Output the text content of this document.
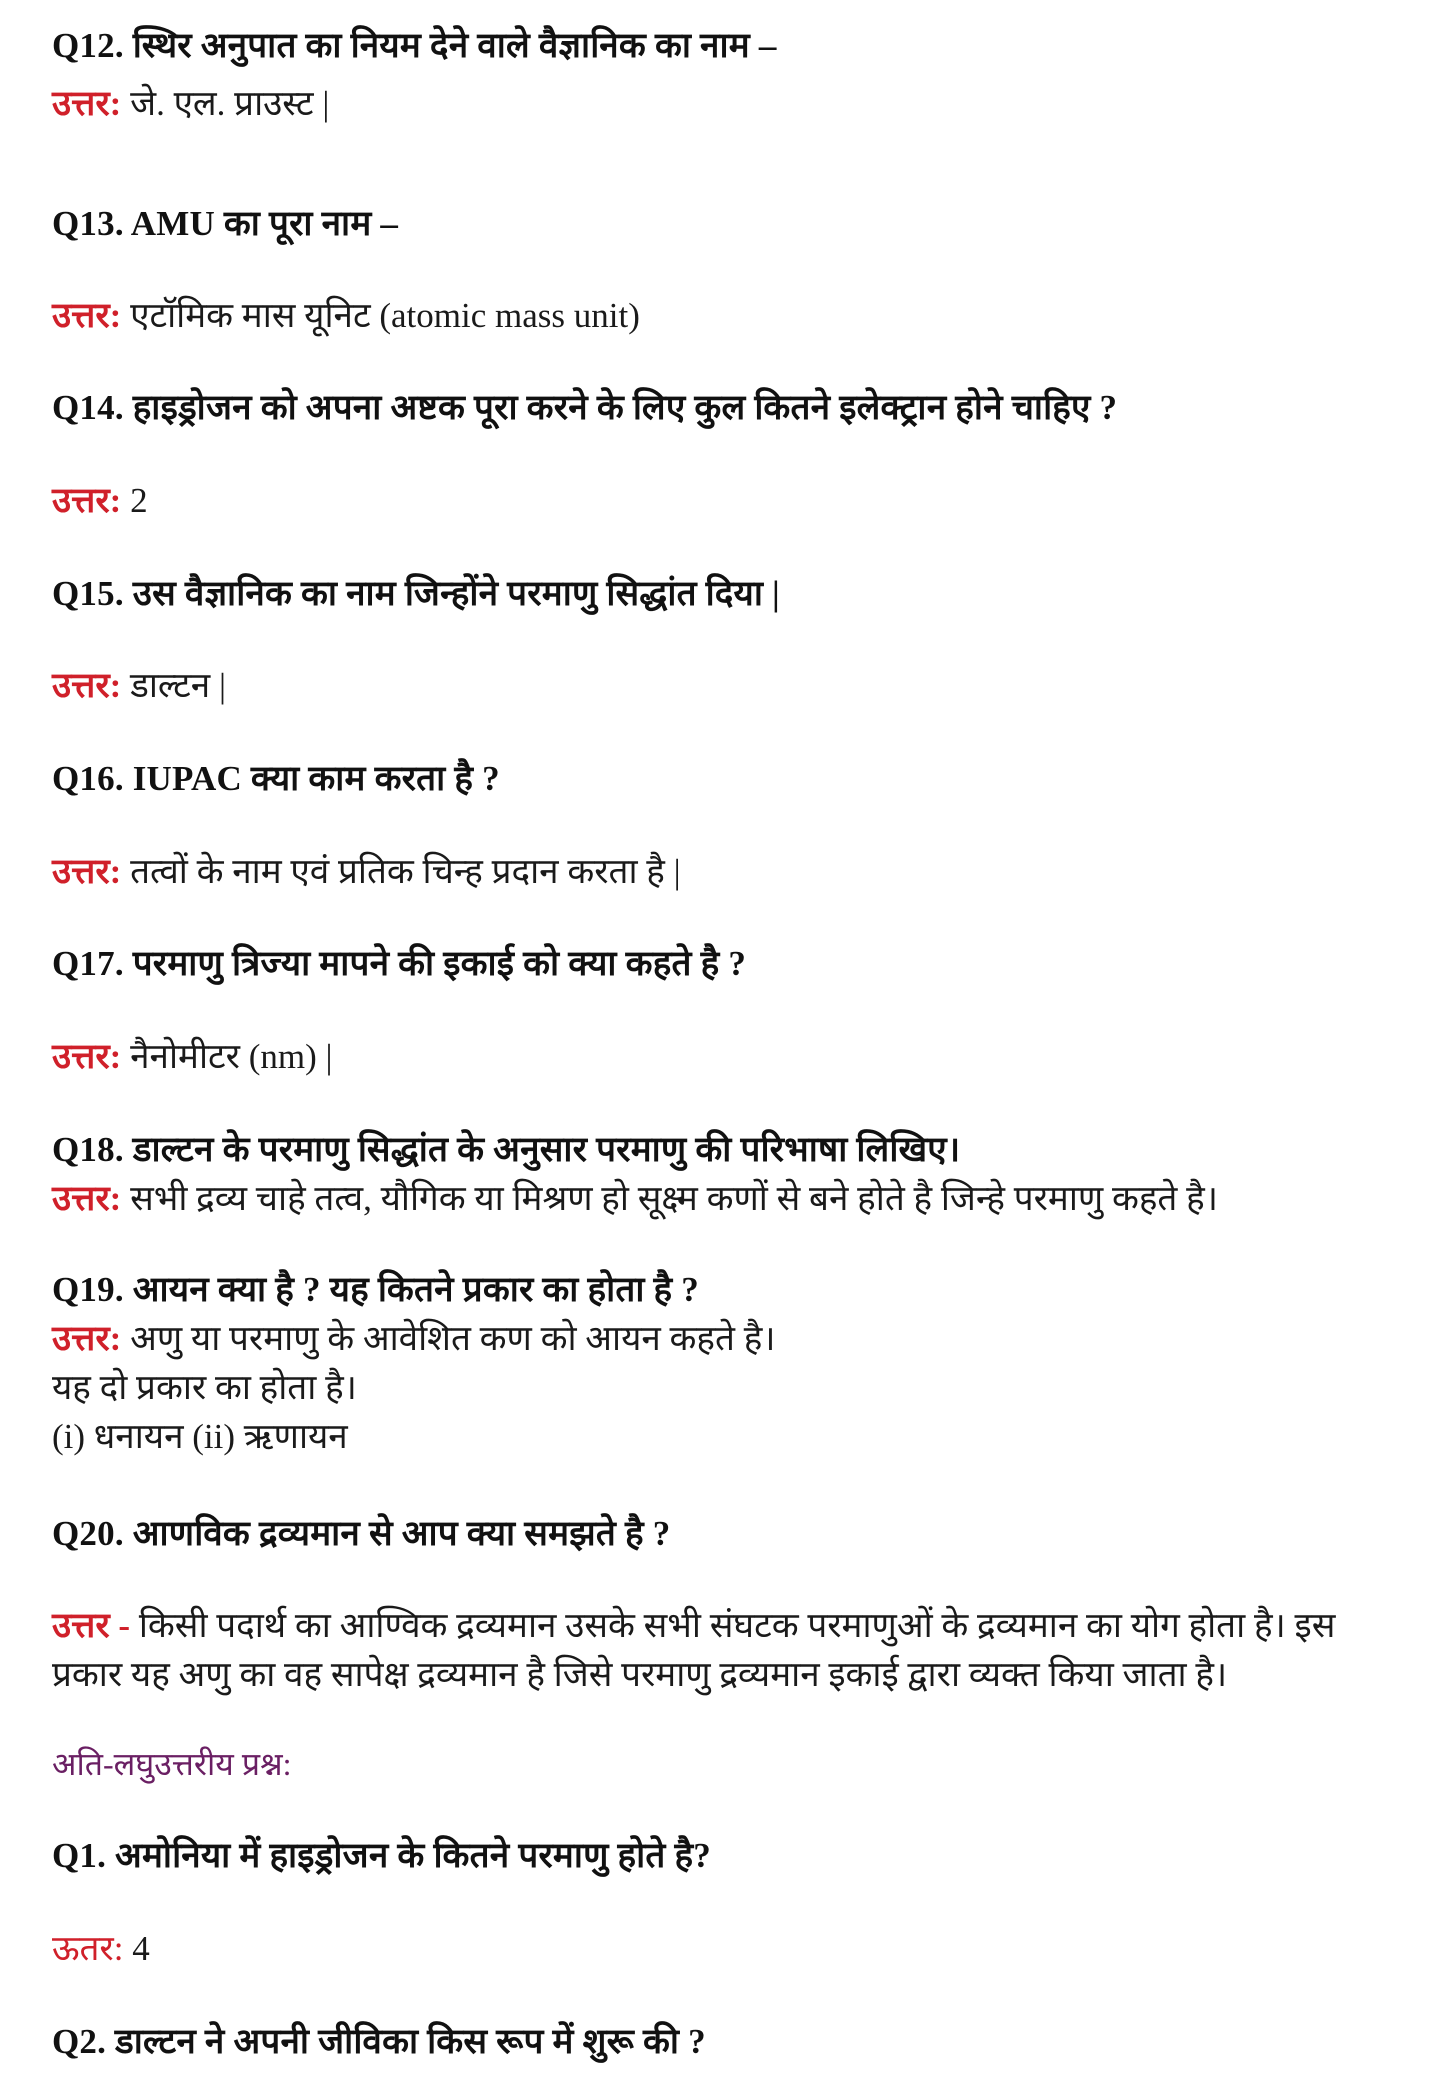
Q12. स्थिर अनुपात का नियम देने वाले वैज्ञानिक का नाम –
उत्तर: जे. एल. प्राउस्ट |
Q13. AMU का पूरा नाम –
उत्तर: एटॉमिक मास यूनिट (atomic mass unit)
Q14. हाइड्रोजन को अपना अष्टक पूरा करने के लिए कुल कितने इलेक्ट्रान होने चाहिए ?
उत्तर: 2
Q15. उस वैज्ञानिक का नाम जिन्होंने परमाणु सिद्धांत दिया |
उत्तर: डाल्टन |
Q16. IUPAC क्या काम करता है ?
उत्तर: तत्वों के नाम एवं प्रतिक चिन्ह प्रदान करता है |
Q17. परमाणु त्रिज्या मापने की इकाई को क्या कहते है ?
उत्तर: नैनोमीटर (nm) |
Q18. डाल्टन के परमाणु सिद्धांत के अनुसार परमाणु की परिभाषा लिखिए।
उत्तर: सभी द्रव्य चाहे तत्व, यौगिक या मिश्रण हो सूक्ष्म कणों से बने होते है जिन्हे परमाणु कहते है।
Q19. आयन क्या है ? यह कितने प्रकार का होता है ?
उत्तर: अणु या परमाणु के आवेशित कण को आयन कहते है।
यह दो प्रकार का होता है।
(i) धनायन (ii) ऋणायन
Q20. आणविक द्रव्यमान से आप क्या समझते है ?
उत्तर - किसी पदार्थ का आण्विक द्रव्यमान उसके सभी संघटक परमाणुओं के द्रव्यमान का योग होता है। इस
प्रकार यह अणु का वह सापेक्ष द्रव्यमान है जिसे परमाणु द्रव्यमान इकाई द्वारा व्यक्त किया जाता है।
अति-लघुउत्तरीय प्रश्न:
Q1. अमोनिया में हाइड्रोजन के कितने परमाणु होते है?
ऊतर: 4
Q2. डाल्टन ने अपनी जीविका किस रूप में शुरू की ?
